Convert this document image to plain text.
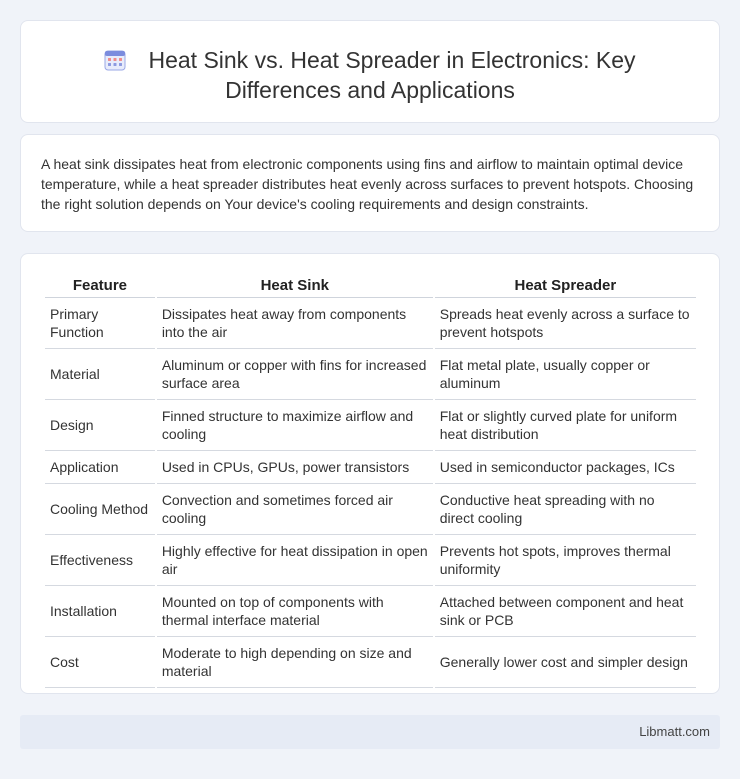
Heat Sink vs. Heat Spreader in Electronics: Key Differences and Applications

A heat sink dissipates heat from electronic components using fins and airflow to maintain optimal device temperature, while a heat spreader distributes heat evenly across surfaces to prevent hotspots. Choosing the right solution depends on Your device's cooling requirements and design constraints.

Feature	Heat Sink	Heat Spreader
Primary Function	Dissipates heat away from components into the air	Spreads heat evenly across a surface to prevent hotspots
Material	Aluminum or copper with fins for increased surface area	Flat metal plate, usually copper or aluminum
Design	Finned structure to maximize airflow and cooling	Flat or slightly curved plate for uniform heat distribution
Application	Used in CPUs, GPUs, power transistors	Used in semiconductor packages, ICs
Cooling Method	Convection and sometimes forced air cooling	Conductive heat spreading with no direct cooling
Effectiveness	Highly effective for heat dissipation in open air	Prevents hot spots, improves thermal uniformity
Installation	Mounted on top of components with thermal interface material	Attached between component and heat sink or PCB
Cost	Moderate to high depending on size and material	Generally lower cost and simpler design
Libmatt.com
